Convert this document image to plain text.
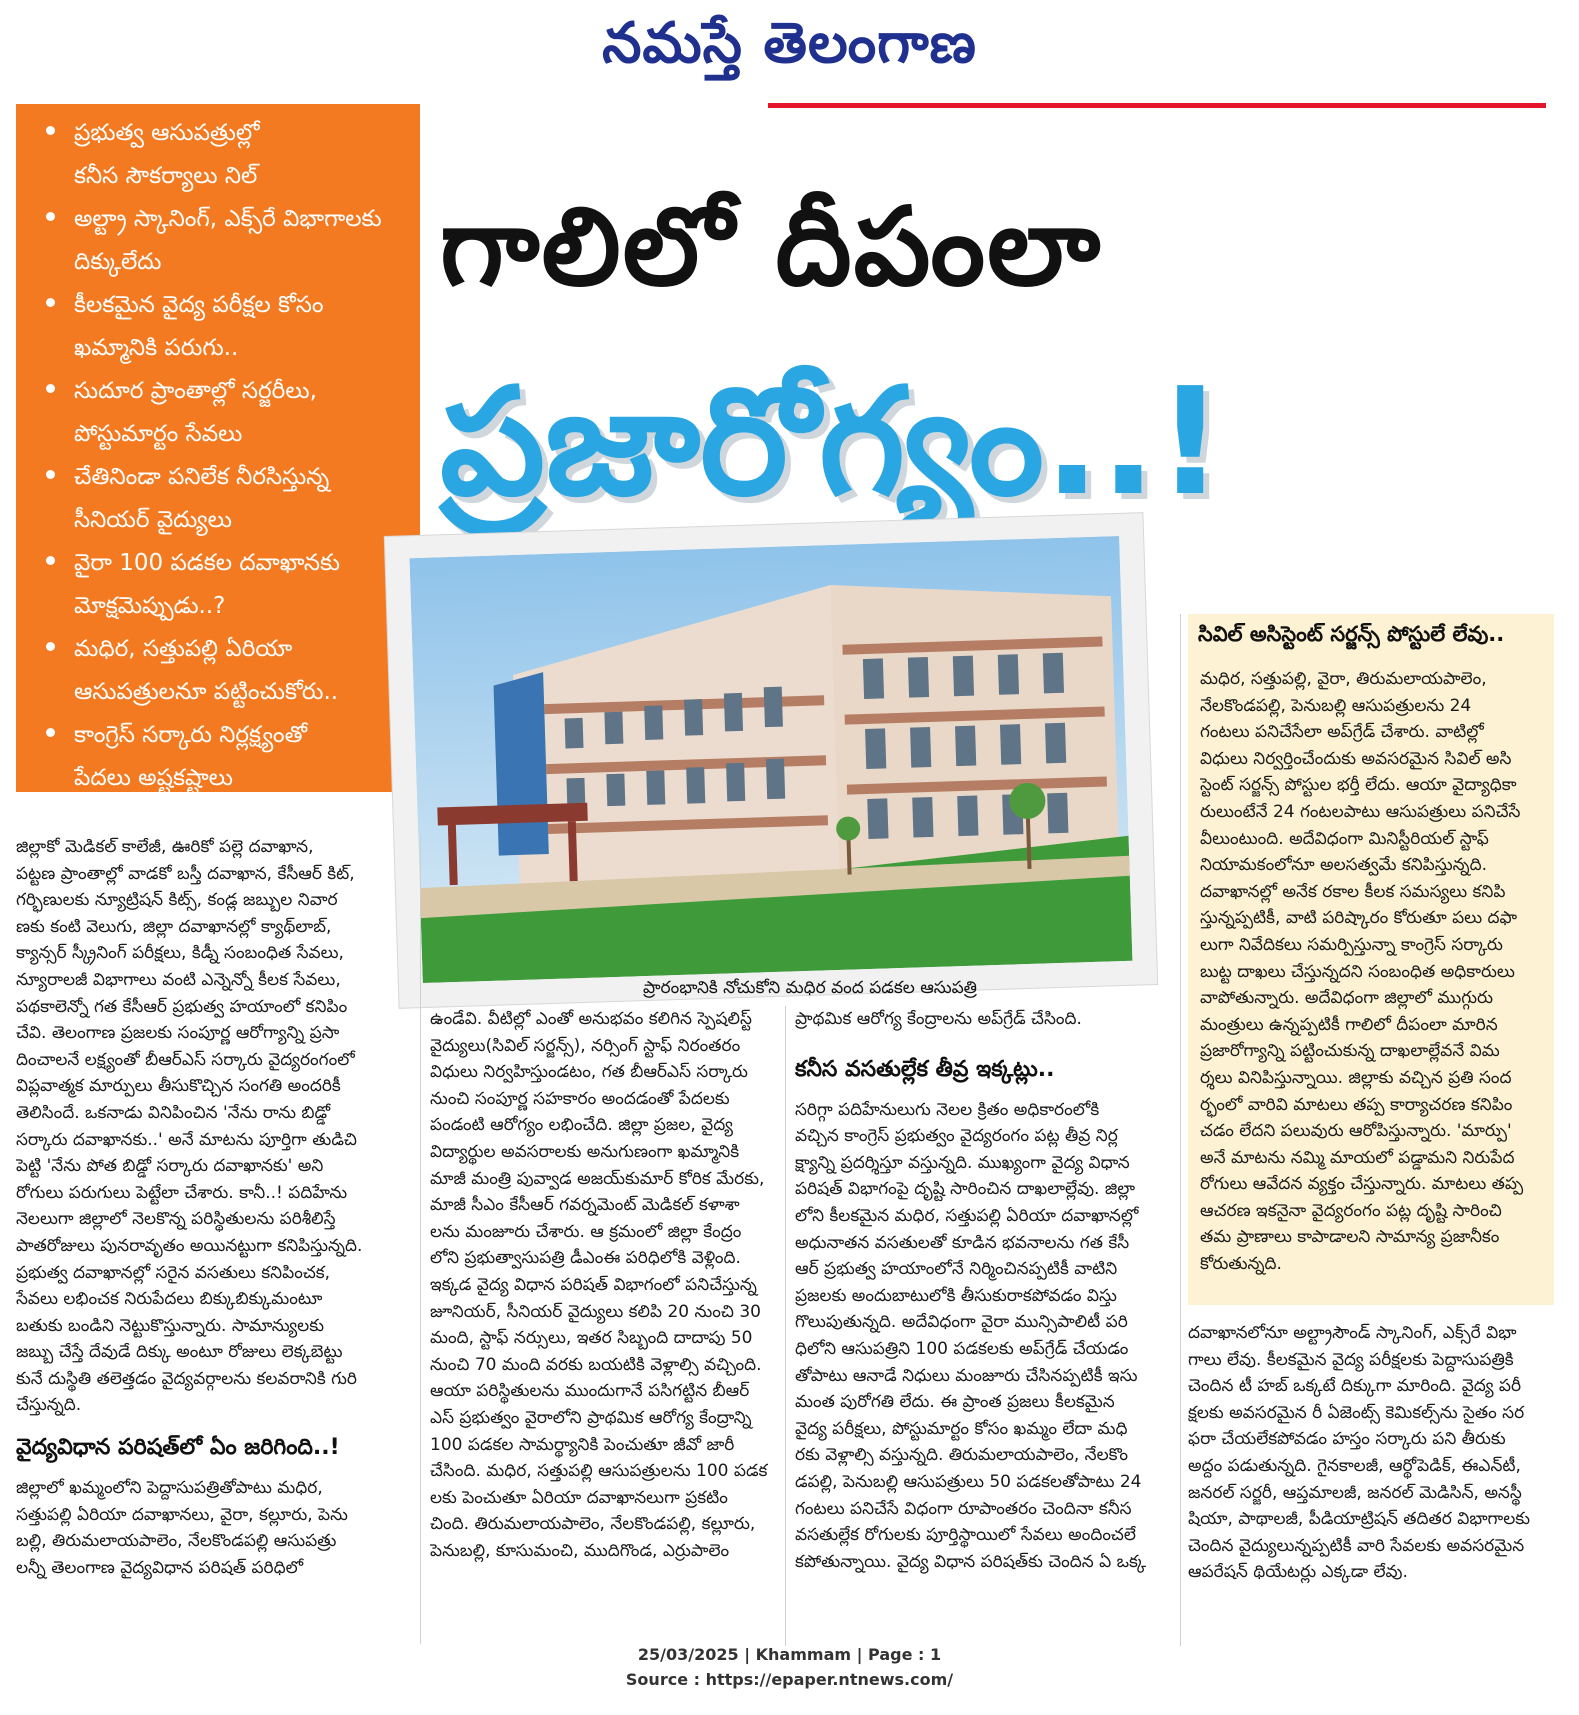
నమస్తే తెలంగాణ
ప్రభుత్వ ఆసుపత్రుల్లో
కనీస సౌకర్యాలు నిల్
అల్ట్రా స్కానింగ్, ఎక్స్‌రే విభాగాలకు
దిక్కులేదు
కీలకమైన వైద్య పరీక్షల కోసం
ఖమ్మానికి పరుగు..
సుదూర ప్రాంతాల్లో సర్జరీలు,
పోస్టుమార్టం సేవలు
చేతినిండా పనిలేక నీరసిస్తున్న
సీనియర్ వైద్యులు
వైరా 100 పడకల దవాఖానకు
మోక్షమెప్పుడు..?
మధిర, సత్తుపల్లి ఏరియా
ఆసుపత్రులనూ పట్టించుకోరు..
కాంగ్రెస్ సర్కారు నిర్లక్ష్యంతో
పేదలు అష్టకష్టాలు
గాలిలో దీపంలా
ప్రజారోగ్యం..!
ప్రారంభానికి నోచుకోని మధిర వంద పడకల ఆసుపత్రి
జిల్లాకో మెడికల్ కాలేజీ, ఊరికో పల్లె దవాఖాన,
పట్టణ ప్రాంతాల్లో వాడకో బస్తీ దవాఖాన, కేసీఆర్ కిట్,
గర్భిణులకు న్యూట్రిషన్ కిట్స్, కండ్ల జబ్బుల నివార
ణకు కంటి వెలుగు, జిల్లా దవాఖానల్లో క్యాథ్‌లాబ్,
క్యాన్సర్ స్క్రీనింగ్ పరీక్షలు, కిడ్నీ సంబంధిత సేవలు,
న్యూరాలజీ విభాగాలు వంటి ఎన్నెన్నో కీలక సేవలు,
పథకాలెన్నో గత కేసీఆర్ ప్రభుత్వ హయాంలో కనిపిం
చేవి. తెలంగాణ ప్రజలకు సంపూర్ణ ఆరోగ్యాన్ని ప్రసా
దించాలనే లక్ష్యంతో బీఆర్‌ఎస్ సర్కారు వైద్యరంగంలో
విప్లవాత్మక మార్పులు తీసుకొచ్చిన సంగతి అందరికీ
తెలిసిందే. ఒకనాడు వినిపించిన 'నేను రాను బిడ్డో
సర్కారు దవాఖానకు..' అనే మాటను పూర్తిగా తుడిచి
పెట్టి 'నేను పోత బిడ్డో సర్కారు దవాఖానకు' అని
రోగులు పరుగులు పెట్టేలా చేశారు. కానీ..! పదిహేను
నెలలుగా జిల్లాలో నెలకొన్న పరిస్థితులను పరిశీలిస్తే
పాతరోజులు పునరావృతం అయినట్టుగా కనిపిస్తున్నది.
ప్రభుత్వ దవాఖానల్లో సరైన వసతులు కనిపించక,
సేవలు లభించక నిరుపేదలు బిక్కుబిక్కుమంటూ
బతుకు బండిని నెట్టుకొస్తున్నారు. సామాన్యులకు
జబ్బు చేస్తే దేవుడే దిక్కు అంటూ రోజులు లెక్కబెట్టు
కునే దుస్థితి తలెత్తడం వైద్యవర్గాలను కలవరానికి గురి
చేస్తున్నది.
వైద్యవిధాన పరిషత్‌లో ఏం జరిగింది..!
జిల్లాలో ఖమ్మంలోని పెద్దాసుపత్రితోపాటు మధిర,
సత్తుపల్లి ఏరియా దవాఖానలు, వైరా, కల్లూరు, పెను
బల్లి, తిరుమలాయపాలెం, నేలకొండపల్లి ఆసుపత్రు
లన్నీ తెలంగాణ వైద్యవిధాన పరిషత్ పరిధిలో
ఉండేవి. వీటిల్లో ఎంతో అనుభవం కలిగిన స్పెషలిస్ట్
వైద్యులు(సివిల్ సర్జన్స్), నర్సింగ్ స్టాఫ్ నిరంతరం
విధులు నిర్వహిస్తుండటం, గత బీఆర్‌ఎస్ సర్కారు
నుంచి సంపూర్ణ సహకారం అందడంతో పేదలకు
పండంటి ఆరోగ్యం లభించేది. జిల్లా ప్రజల, వైద్య
విద్యార్థుల అవసరాలకు అనుగుణంగా ఖమ్మానికి
మాజీ మంత్రి పువ్వాడ అజయ్‌కుమార్ కోరిక మేరకు,
మాజీ సీఎం కేసీఆర్ గవర్నమెంట్ మెడికల్ కళాశా
లను మంజూరు చేశారు. ఆ క్రమంలో జిల్లా కేంద్రం
లోని ప్రభుత్వాసుపత్రి డీఎంఈ పరిధిలోకి వెళ్లింది.
ఇక్కడ వైద్య విధాన పరిషత్ విభాగంలో పనిచేస్తున్న
జూనియర్, సీనియర్ వైద్యులు కలిపి 20 నుంచి 30
మంది, స్టాఫ్ నర్సులు, ఇతర సిబ్బంది దాదాపు 50
నుంచి 70 మంది వరకు బయటికి వెళ్లాల్సి వచ్చింది.
ఆయా పరిస్థితులను ముందుగానే పసిగట్టిన బీఆర్
ఎస్ ప్రభుత్వం వైరాలోని ప్రాథమిక ఆరోగ్య కేంద్రాన్ని
100 పడకల సామర్థ్యానికి పెంచుతూ జీవో జారీ
చేసింది. మధిర, సత్తుపల్లి ఆసుపత్రులను 100 పడక
లకు పెంచుతూ ఏరియా దవాఖానలుగా ప్రకటిం
చింది. తిరుమలాయపాలెం, నేలకొండపల్లి, కల్లూరు,
పెనుబల్లి, కూసుమంచి, ముదిగొండ, ఎర్రుపాలెం
ప్రాథమిక ఆరోగ్య కేంద్రాలను అప్‌గ్రేడ్ చేసింది.
కనీస వసతుల్లేక తీవ్ర ఇక్కట్లు..
సరిగ్గా పదిహేనులుగు నెలల క్రితం అధికారంలోకి
వచ్చిన కాంగ్రెస్ ప్రభుత్వం వైద్యరంగం పట్ల తీవ్ర నిర్ల
క్ష్యాన్ని ప్రదర్శిస్తూ వస్తున్నది. ముఖ్యంగా వైద్య విధాన
పరిషత్ విభాగంపై దృష్టి సారించిన దాఖలాల్లేవు. జిల్లా
లోని కీలకమైన మధిర, సత్తుపల్లి ఏరియా దవాఖానల్లో
అధునాతన వసతులతో కూడిన భవనాలను గత కేసీ
ఆర్ ప్రభుత్వ హయాంలోనే నిర్మించినప్పటికీ వాటిని
ప్రజలకు అందుబాటులోకి తీసుకురాకపోవడం విస్తు
గొలుపుతున్నది. అదేవిధంగా వైరా మున్సిపాలిటీ పరి
ధిలోని ఆసుపత్రిని 100 పడకలకు అప్‌గ్రేడ్ చేయడం
తోపాటు ఆనాడే నిధులు మంజూరు చేసినప్పటికీ ఇసు
మంత పురోగతి లేదు. ఈ ప్రాంత ప్రజలు కీలకమైన
వైద్య పరీక్షలు, పోస్టుమార్టం కోసం ఖమ్మం లేదా మధి
రకు వెళ్లాల్సి వస్తున్నది. తిరుమలాయపాలెం, నేలకొం
డపల్లి, పెనుబల్లి ఆసుపత్రులు 50 పడకలతోపాటు 24
గంటలు పనిచేసే విధంగా రూపాంతరం చెందినా కనీస
వసతుల్లేక రోగులకు పూర్తిస్థాయిలో సేవలు అందించలే
కపోతున్నాయి. వైద్య విధాన పరిషత్‌కు చెందిన ఏ ఒక్క
సివిల్ అసిస్టెంట్ సర్జన్స్ పోస్టులే లేవు..
మధిర, సత్తుపల్లి, వైరా, తిరుమలాయపాలెం,
నేలకొండపల్లి, పెనుబల్లి ఆసుపత్రులను 24
గంటలు పనిచేసేలా అప్‌గ్రేడ్ చేశారు. వాటిల్లో
విధులు నిర్వర్తించేందుకు అవసరమైన సివిల్ అసి
స్టెంట్ సర్జన్స్ పోస్టుల భర్తీ లేదు. ఆయా వైద్యాధికా
రులుంటేనే 24 గంటలపాటు ఆసుపత్రులు పనిచేసే
వీలుంటుంది. అదేవిధంగా మినిస్టీరియల్ స్టాఫ్
నియామకంలోనూ అలసత్వమే కనిపిస్తున్నది.
దవాఖానల్లో అనేక రకాల కీలక సమస్యలు కనిపి
స్తున్నప్పటికీ, వాటి పరిష్కారం కోరుతూ పలు దఫా
లుగా నివేదికలు సమర్పిస్తున్నా కాంగ్రెస్ సర్కారు
బుట్ట దాఖలు చేస్తున్నదని సంబంధిత అధికారులు
వాపోతున్నారు. అదేవిధంగా జిల్లాలో ముగ్గురు
మంత్రులు ఉన్నప్పటికీ గాలిలో దీపంలా మారిన
ప్రజారోగ్యాన్ని పట్టించుకున్న దాఖలాల్లేవనే విమ
ర్శలు వినిపిస్తున్నాయి. జిల్లాకు వచ్చిన ప్రతి సంద
ర్భంలో వారివి మాటలు తప్ప కార్యాచరణ కనిపిం
చడం లేదని పలువురు ఆరోపిస్తున్నారు. 'మార్పు'
అనే మాటను నమ్మి మాయలో పడ్డామని నిరుపేద
రోగులు ఆవేదన వ్యక్తం చేస్తున్నారు. మాటలు తప్ప
ఆచరణ ఇకనైనా వైద్యరంగం పట్ల దృష్టి సారించి
తమ ప్రాణాలు కాపాడాలని సామాన్య ప్రజానీకం
కోరుతున్నది.
దవాఖానలోనూ అల్ట్రాసౌండ్ స్కానింగ్, ఎక్స్‌రే విభా
గాలు లేవు. కీలకమైన వైద్య పరీక్షలకు పెద్దాసుపత్రికి
చెందిన టీ హబ్ ఒక్కటే దిక్కుగా మారింది. వైద్య పరీ
క్షలకు అవసరమైన రీ ఏజెంట్స్ కెమికల్స్‌ను సైతం సర
ఫరా చేయలేకపోవడం హస్తం సర్కారు పని తీరుకు
అద్దం పడుతున్నది. గైనకాలజీ, ఆర్థోపెడిక్, ఈఎన్‌టీ,
జనరల్ సర్జరీ, ఆప్తమాలజీ, జనరల్ మెడిసిన్, అనస్థీ
షియా, పాథాలజీ, పీడియాట్రిషన్ తదితర విభాగాలకు
చెందిన వైద్యులున్నప్పటికీ వారి సేవలకు అవసరమైన
ఆపరేషన్ థియేటర్లు ఎక్కడా లేవు.
25/03/2025 | Khammam | Page : 1
Source : https://epaper.ntnews.com/
